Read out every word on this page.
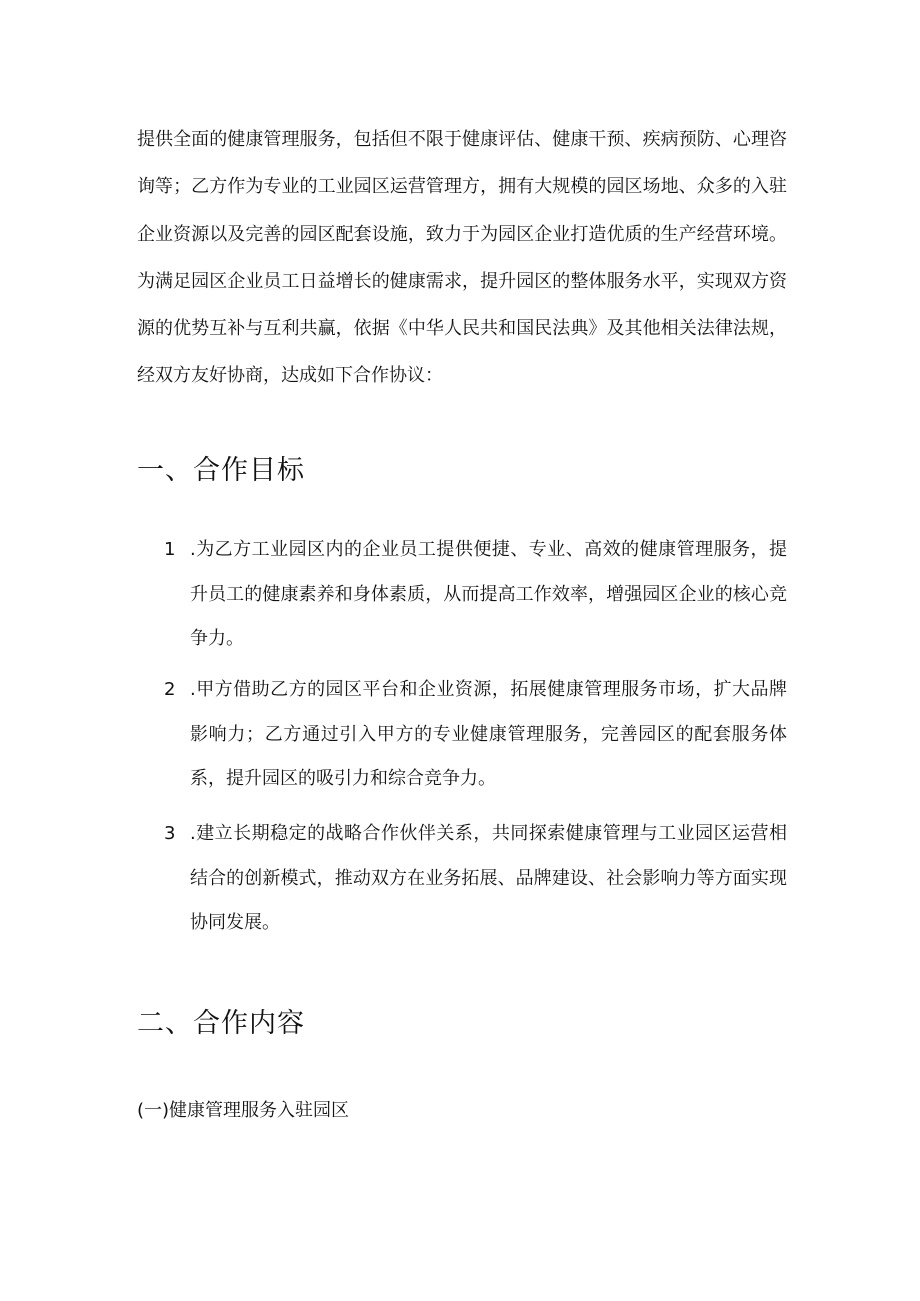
提供全面的健康管理服务，包括但不限于健康评估、健康干预、疾病预防、心理咨询等；乙方作为专业的工业园区运营管理方，拥有大规模的园区场地、众多的入驻企业资源以及完善的园区配套设施，致力于为园区企业打造优质的生产经营环境。为满足园区企业员工日益增长的健康需求，提升园区的整体服务水平，实现双方资源的优势互补与互利共赢，依据《中华人民共和国民法典》及其他相关法律法规，经双方友好协商，达成如下合作协议：

一、合作目标
1 .为乙方工业园区内的企业员工提供便捷、专业、高效的健康管理服务，提升员工的健康素养和身体素质，从而提高工作效率，增强园区企业的核心竞争力。
2 .甲方借助乙方的园区平台和企业资源，拓展健康管理服务市场，扩大品牌影响力；乙方通过引入甲方的专业健康管理服务，完善园区的配套服务体系，提升园区的吸引力和综合竞争力。
3 .建立长期稳定的战略合作伙伴关系，共同探索健康管理与工业园区运营相结合的创新模式，推动双方在业务拓展、品牌建设、社会影响力等方面实现协同发展。
二、合作内容

(一)健康管理服务入驻园区
